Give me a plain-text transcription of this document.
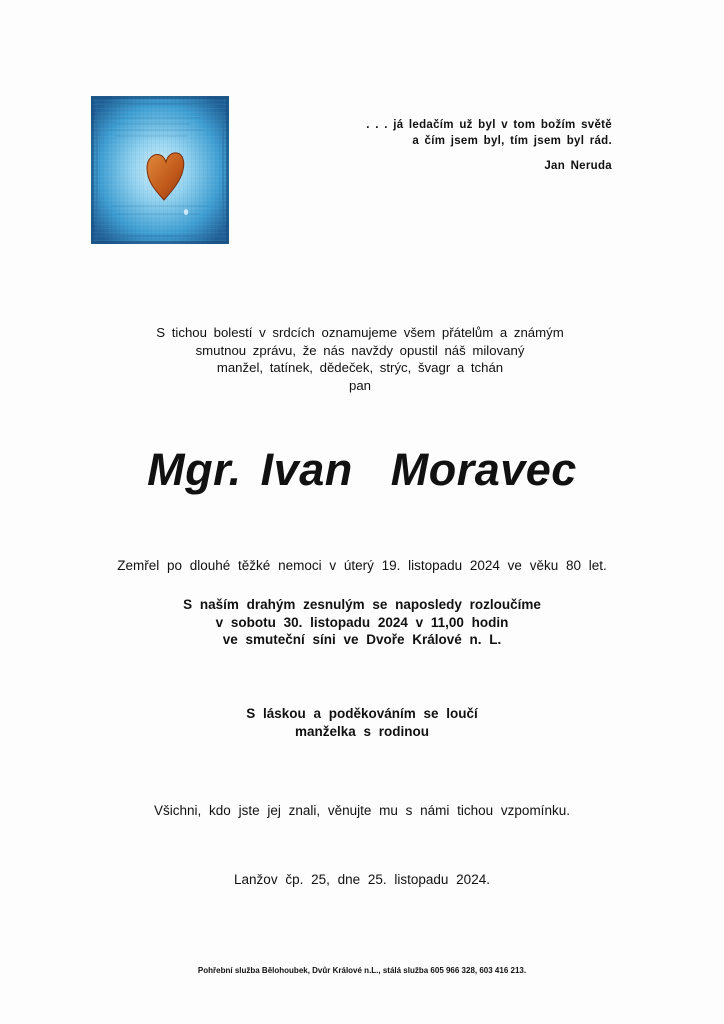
. . . já ledačím už byl v tom božím světě
a čím jsem byl, tím jsem byl rád.
Jan Neruda
S tichou bolestí v srdcích oznamujeme všem přátelům a známým
smutnou zprávu, že nás navždy opustil náš milovaný
manžel, tatínek, dědeček, strýc, švagr a tchán
pan
Mgr. Ivan  Moravec
Zemřel po dlouhé těžké nemoci v úterý 19. listopadu 2024 ve věku 80 let.
S naším drahým zesnulým se naposledy rozloučíme
v sobotu 30. listopadu 2024 v 11,00 hodin
ve smuteční síni ve Dvoře Králové n. L.
S láskou a poděkováním se loučí
manželka s rodinou
Všichni, kdo jste jej znali, věnujte mu s námi tichou vzpomínku.
Lanžov čp. 25, dne 25. listopadu 2024.
Pohřební služba Bělohoubek, Dvůr Králové n.L., stálá služba 605 966 328, 603 416 213.
